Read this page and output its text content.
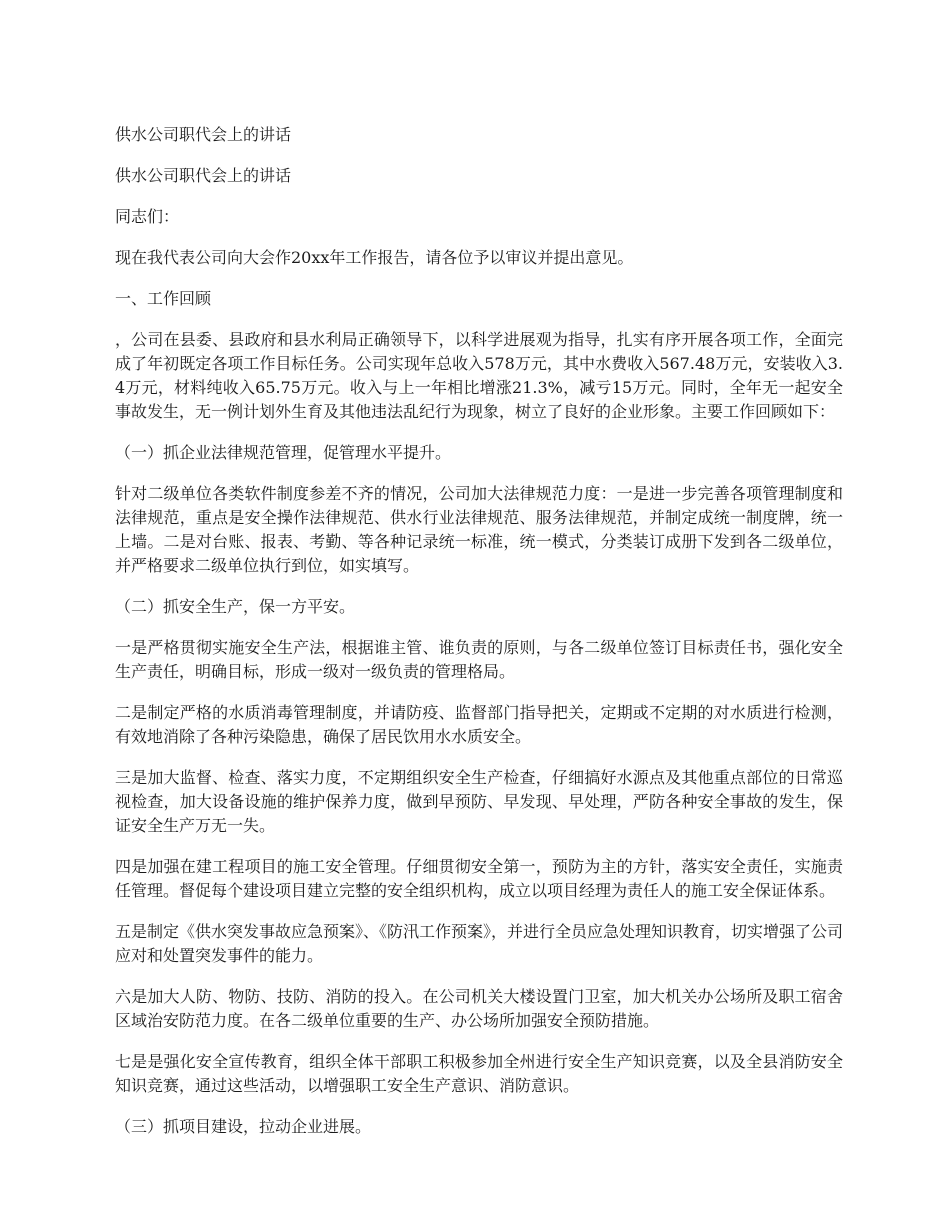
供水公司职代会上的讲话

供水公司职代会上的讲话

同志们：

现在我代表公司向大会作20xx年工作报告，请各位予以审议并提出意见。

一、工作回顾

，公司在县委、县政府和县水利局正确领导下，以科学进展观为指导，扎实有序开展各项工作，全面完成了年初既定各项工作目标任务。公司实现年总收入578万元，其中水费收入567.48万元，安装收入3.4万元，材料纯收入65.75万元。收入与上一年相比增涨21.3%，减亏15万元。同时，全年无一起安全事故发生，无一例计划外生育及其他违法乱纪行为现象，树立了良好的企业形象。主要工作回顾如下：

（一）抓企业法律规范管理，促管理水平提升。

针对二级单位各类软件制度参差不齐的情况，公司加大法律规范力度：一是进一步完善各项管理制度和法律规范，重点是安全操作法律规范、供水行业法律规范、服务法律规范，并制定成统一制度牌，统一上墙。二是对台账、报表、考勤、等各种记录统一标准，统一模式，分类装订成册下发到各二级单位，并严格要求二级单位执行到位，如实填写。

（二）抓安全生产，保一方平安。

一是严格贯彻实施安全生产法，根据谁主管、谁负责的原则，与各二级单位签订目标责任书，强化安全生产责任，明确目标，形成一级对一级负责的管理格局。

二是制定严格的水质消毒管理制度，并请防疫、监督部门指导把关，定期或不定期的对水质进行检测，有效地消除了各种污染隐患，确保了居民饮用水水质安全。

三是加大监督、检查、落实力度，不定期组织安全生产检查，仔细搞好水源点及其他重点部位的日常巡视检查，加大设备设施的维护保养力度，做到早预防、早发现、早处理，严防各种安全事故的发生，保证安全生产万无一失。

四是加强在建工程项目的施工安全管理。仔细贯彻安全第一，预防为主的方针，落实安全责任，实施责任管理。督促每个建设项目建立完整的安全组织机构，成立以项目经理为责任人的施工安全保证体系。

五是制定《供水突发事故应急预案》、《防汛工作预案》，并进行全员应急处理知识教育，切实增强了公司应对和处置突发事件的能力。

六是加大人防、物防、技防、消防的投入。在公司机关大楼设置门卫室，加大机关办公场所及职工宿舍区域治安防范力度。在各二级单位重要的生产、办公场所加强安全预防措施。

七是是强化安全宣传教育，组织全体干部职工积极参加全州进行安全生产知识竞赛，以及全县消防安全知识竞赛，通过这些活动，以增强职工安全生产意识、消防意识。

（三）抓项目建设，拉动企业进展。
